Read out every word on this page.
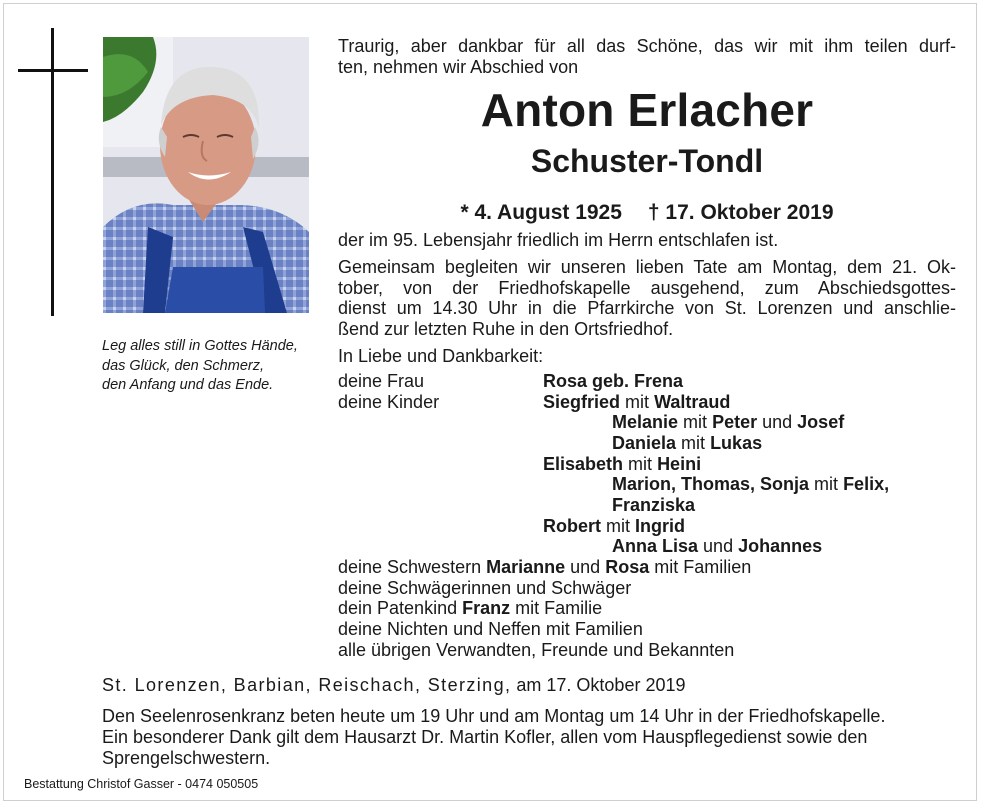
Leg alles still in Gottes Hände,
das Glück, den Schmerz,
den Anfang und das Ende.
Traurig, aber dankbar für all das Schöne, das wir mit ihm teilen durf-
ten, nehmen wir Abschied von
Anton Erlacher
Schuster-Tondl
* 4. August 1925 † 17. Oktober 2019
der im 95. Lebensjahr friedlich im Herrn entschlafen ist.
Gemeinsam begleiten wir unseren lieben Tate am Montag, dem 21. Ok-
tober, von der Friedhofskapelle ausgehend, zum Abschiedsgottes-
dienst um 14.30 Uhr in die Pfarrkirche von St. Lorenzen und anschlie-
ßend zur letzten Ruhe in den Ortsfriedhof.
In Liebe und Dankbarkeit:
deine Frau	Rosa geb. Frena
deine Kinder	Siegfried mit Waltraud
Melanie mit Peter und Josef
Daniela mit Lukas
Elisabeth mit Heini
Marion, Thomas, Sonja mit Felix,
Franziska
Robert mit Ingrid
Anna Lisa und Johannes
deine Schwestern Marianne und Rosa mit Familien
deine Schwägerinnen und Schwäger
dein Patenkind Franz mit Familie
deine Nichten und Neffen mit Familien
alle übrigen Verwandten, Freunde und Bekannten
St. Lorenzen, Barbian, Reischach, Sterzing, am 17. Oktober 2019
Den Seelenrosenkranz beten heute um 19 Uhr und am Montag um 14 Uhr in der Friedhofskapelle.
Ein besonderer Dank gilt dem Hausarzt Dr. Martin Kofler, allen vom Hauspflegedienst sowie den
Sprengelschwestern.
Bestattung Christof Gasser - 0474 050505
